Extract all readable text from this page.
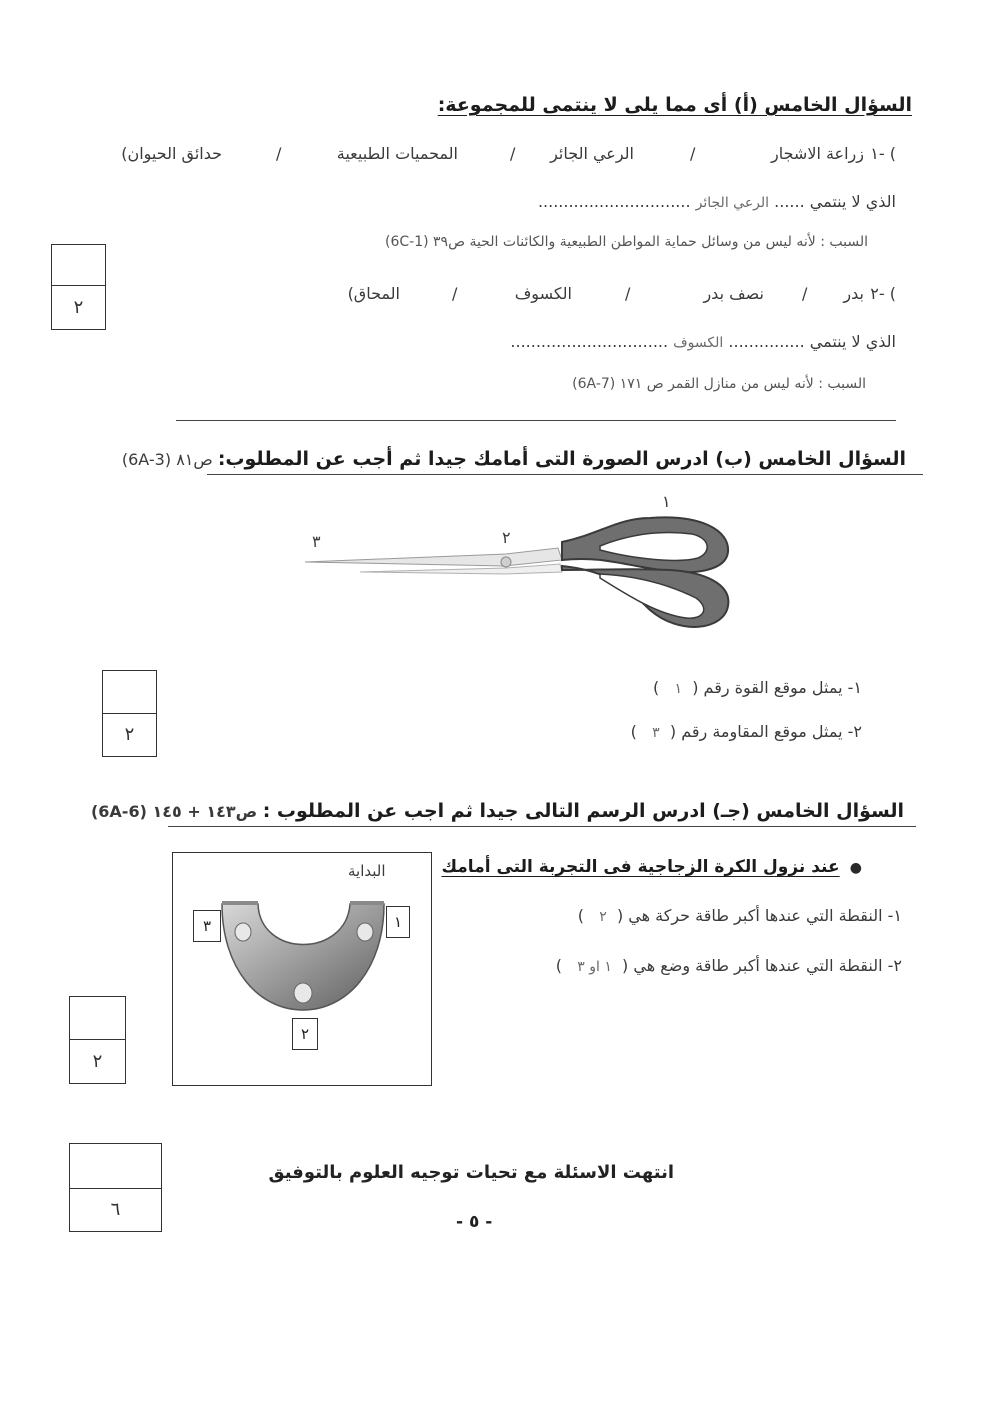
السؤال الخامس (أ) أى مما يلى لا ينتمى للمجموعة:
١- (
زراعة الاشجار
/
الرعي الجائر
/
المحميات الطبيعية
/
حدائق الحيوان)
الذي لا ينتمي ...... الرعي الجائر ..............................
السبب : لأنه ليس من وسائل حماية المواطن الطبيعية والكائنات الحية ص٣٩ (6C-1)
٢- (
بدر
/
نصف بدر
/
الكسوف
/
المحاق)
الذي لا ينتمي ............... الكسوف ...............................
السبب : لأنه ليس من منازل القمر ص ١٧١ (6A-7)
٢
السؤال الخامس (ب) ادرس الصورة التى أمامك جيدا ثم أجب عن المطلوب: ص٨١ (6A-3)
١
٢
٣
١- يمثل موقع القوة رقم (  ١   )
٢- يمثل موقع المقاومة رقم (  ٣   )
٢
السؤال الخامس (جـ) ادرس الرسم التالى جيدا ثم اجب عن المطلوب : ص١٤٣ + ١٤٥ (6A-6)
البداية
١
٣
٢
●  عند نزول الكرة الزجاجية فى التجربة التى أمامك
١- النقطة التي عندها أكبر طاقة حركة هي (  ٢   )
٢- النقطة التي عندها أكبر طاقة وضع هي (  ١ او ٣   )
٢
٦
انتهت الاسئلة مع تحيات توجيه العلوم بالتوفيق
- ٥ -
